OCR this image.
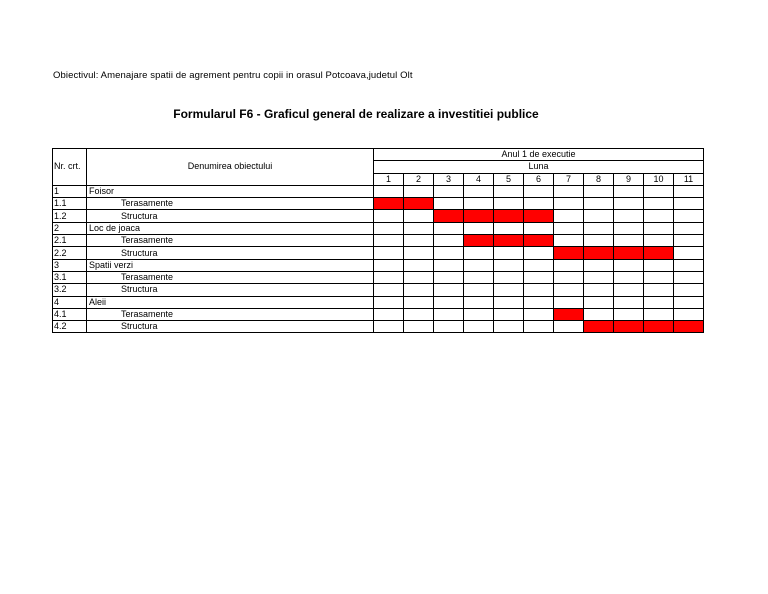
Obiectivul: Amenajare spatii de agrement pentru copii in orasul Potcoava,judetul Olt
Formularul F6 - Graficul general de realizare a investitiei publice
Nr. crt.	Denumirea obiectului	Anul 1 de executie										
		Luna										
		1	2	3	4	5	6	7	8	9	10	11
1	Foisor											
1.1	Terasamente											
1.2	Structura											
2	Loc de joaca											
2.1	Terasamente											
2.2	Structura											
3	Spatii verzi											
3.1	Terasamente											
3.2	Structura											
4	Aleii											
4.1	Terasamente											
4.2	Structura											
